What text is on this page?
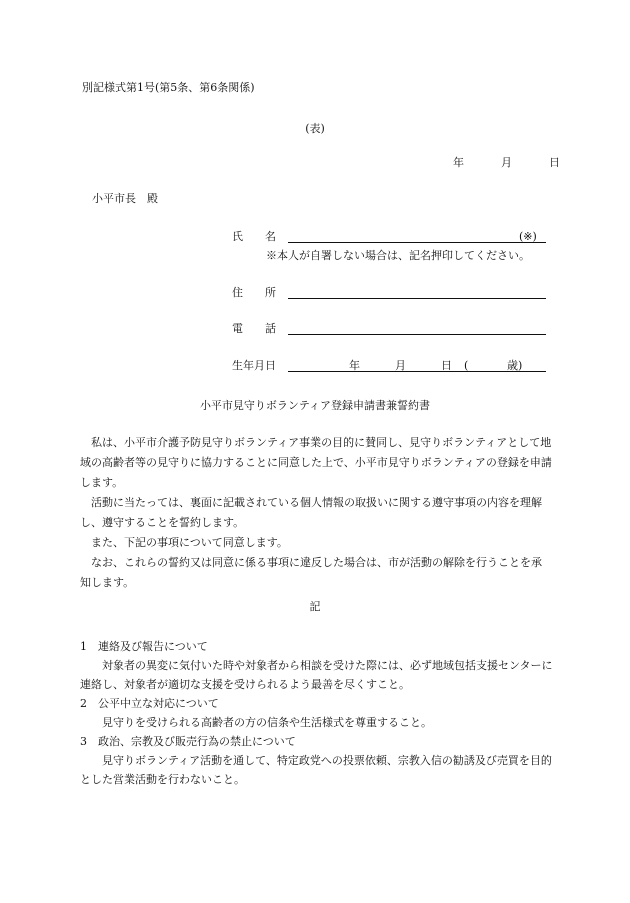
別記様式第1号(第5条、第6条関係)
(表)
年	月	日
小平市長　殿
氏　　名	(※)
※本人が自署しない場合は、記名押印してください。
住　　所
電　　話
生年月日	年	月	日 (	歳)
小平市見守りボランティア登録申請書兼誓約書

　私は、小平市介護予防見守りボランティア事業の目的に賛同し、見守りボランティアとして地域の高齢者等の見守りに協力することに同意した上で、小平市見守りボランティアの登録を申請します。

　活動に当たっては、裏面に記載されている個人情報の取扱いに関する遵守事項の内容を理解し、遵守することを誓約します。

　また、下記の事項について同意します。

　なお、これらの誓約又は同意に係る事項に違反した場合は、市が活動の解除を行うことを承知します。

記

1　連絡及び報告について

　　対象者の異変に気付いた時や対象者から相談を受けた際には、必ず地域包括支援センターに連絡し、対象者が適切な支援を受けられるよう最善を尽くすこと。

2　公平中立な対応について

　　見守りを受けられる高齢者の方の信条や生活様式を尊重すること。

3　政治、宗教及び販売行為の禁止について

　　見守りボランティア活動を通して、特定政党への投票依頼、宗教入信の勧誘及び売買を目的とした営業活動を行わないこと。
